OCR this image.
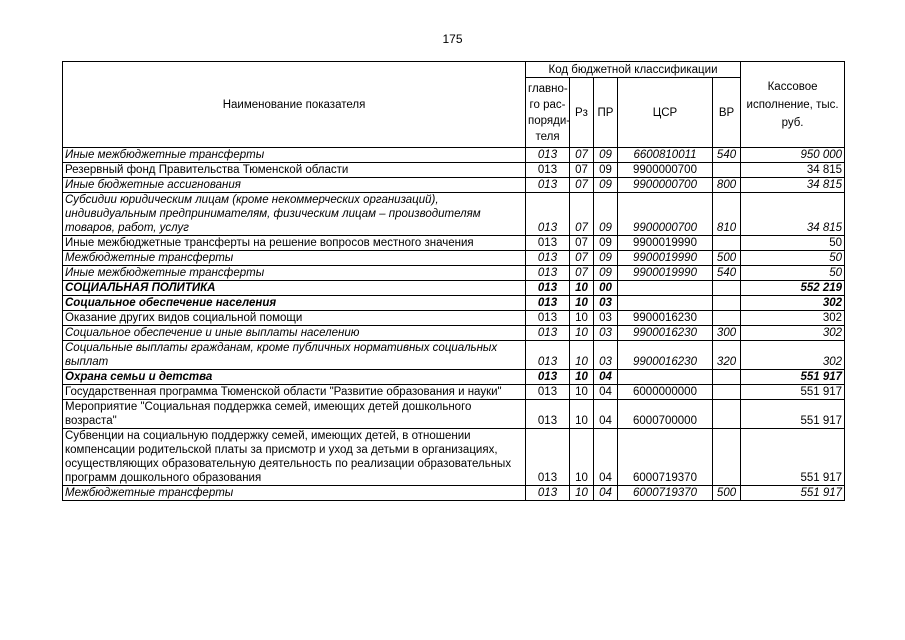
175
Наименование показателя	Код бюджетной классификации					Кассовое исполнение, тыс. руб.
	главно-го рас-поряди-теля	Рз	ПР	ЦСР	ВР	
Иные межбюджетные трансферты	013	07	09	6600810011	540	950 000
Резервный фонд Правительства Тюменской области	013	07	09	9900000700		34 815
Иные бюджетные ассигнования	013	07	09	9900000700	800	34 815
Субсидии юридическим лицам (кроме некоммерческих организаций), индивидуальным предпринимателям, физическим лицам – производителям товаров, работ, услуг	013	07	09	9900000700	810	34 815
Иные межбюджетные трансферты на решение вопросов местного значения	013	07	09	9900019990		50
Межбюджетные трансферты	013	07	09	9900019990	500	50
Иные межбюджетные трансферты	013	07	09	9900019990	540	50
СОЦИАЛЬНАЯ ПОЛИТИКА	013	10	00			552 219
Социальное обеспечение населения	013	10	03			302
Оказание других видов социальной помощи	013	10	03	9900016230		302
Социальное обеспечение и иные выплаты населению	013	10	03	9900016230	300	302
Социальные выплаты гражданам, кроме публичных нормативных социальных выплат	013	10	03	9900016230	320	302
Охрана семьи и детства	013	10	04			551 917
Государственная программа Тюменской области "Развитие образования и науки"	013	10	04	6000000000		551 917
Мероприятие "Социальная поддержка семей, имеющих детей дошкольного возраста"	013	10	04	6000700000		551 917
Субвенции на социальную поддержку семей, имеющих детей, в отношении компенсации родительской платы за присмотр и уход за детьми в организациях, осуществляющих образовательную деятельность по реализации образовательных программ дошкольного образования	013	10	04	6000719370		551 917
Межбюджетные трансферты	013	10	04	6000719370	500	551 917
